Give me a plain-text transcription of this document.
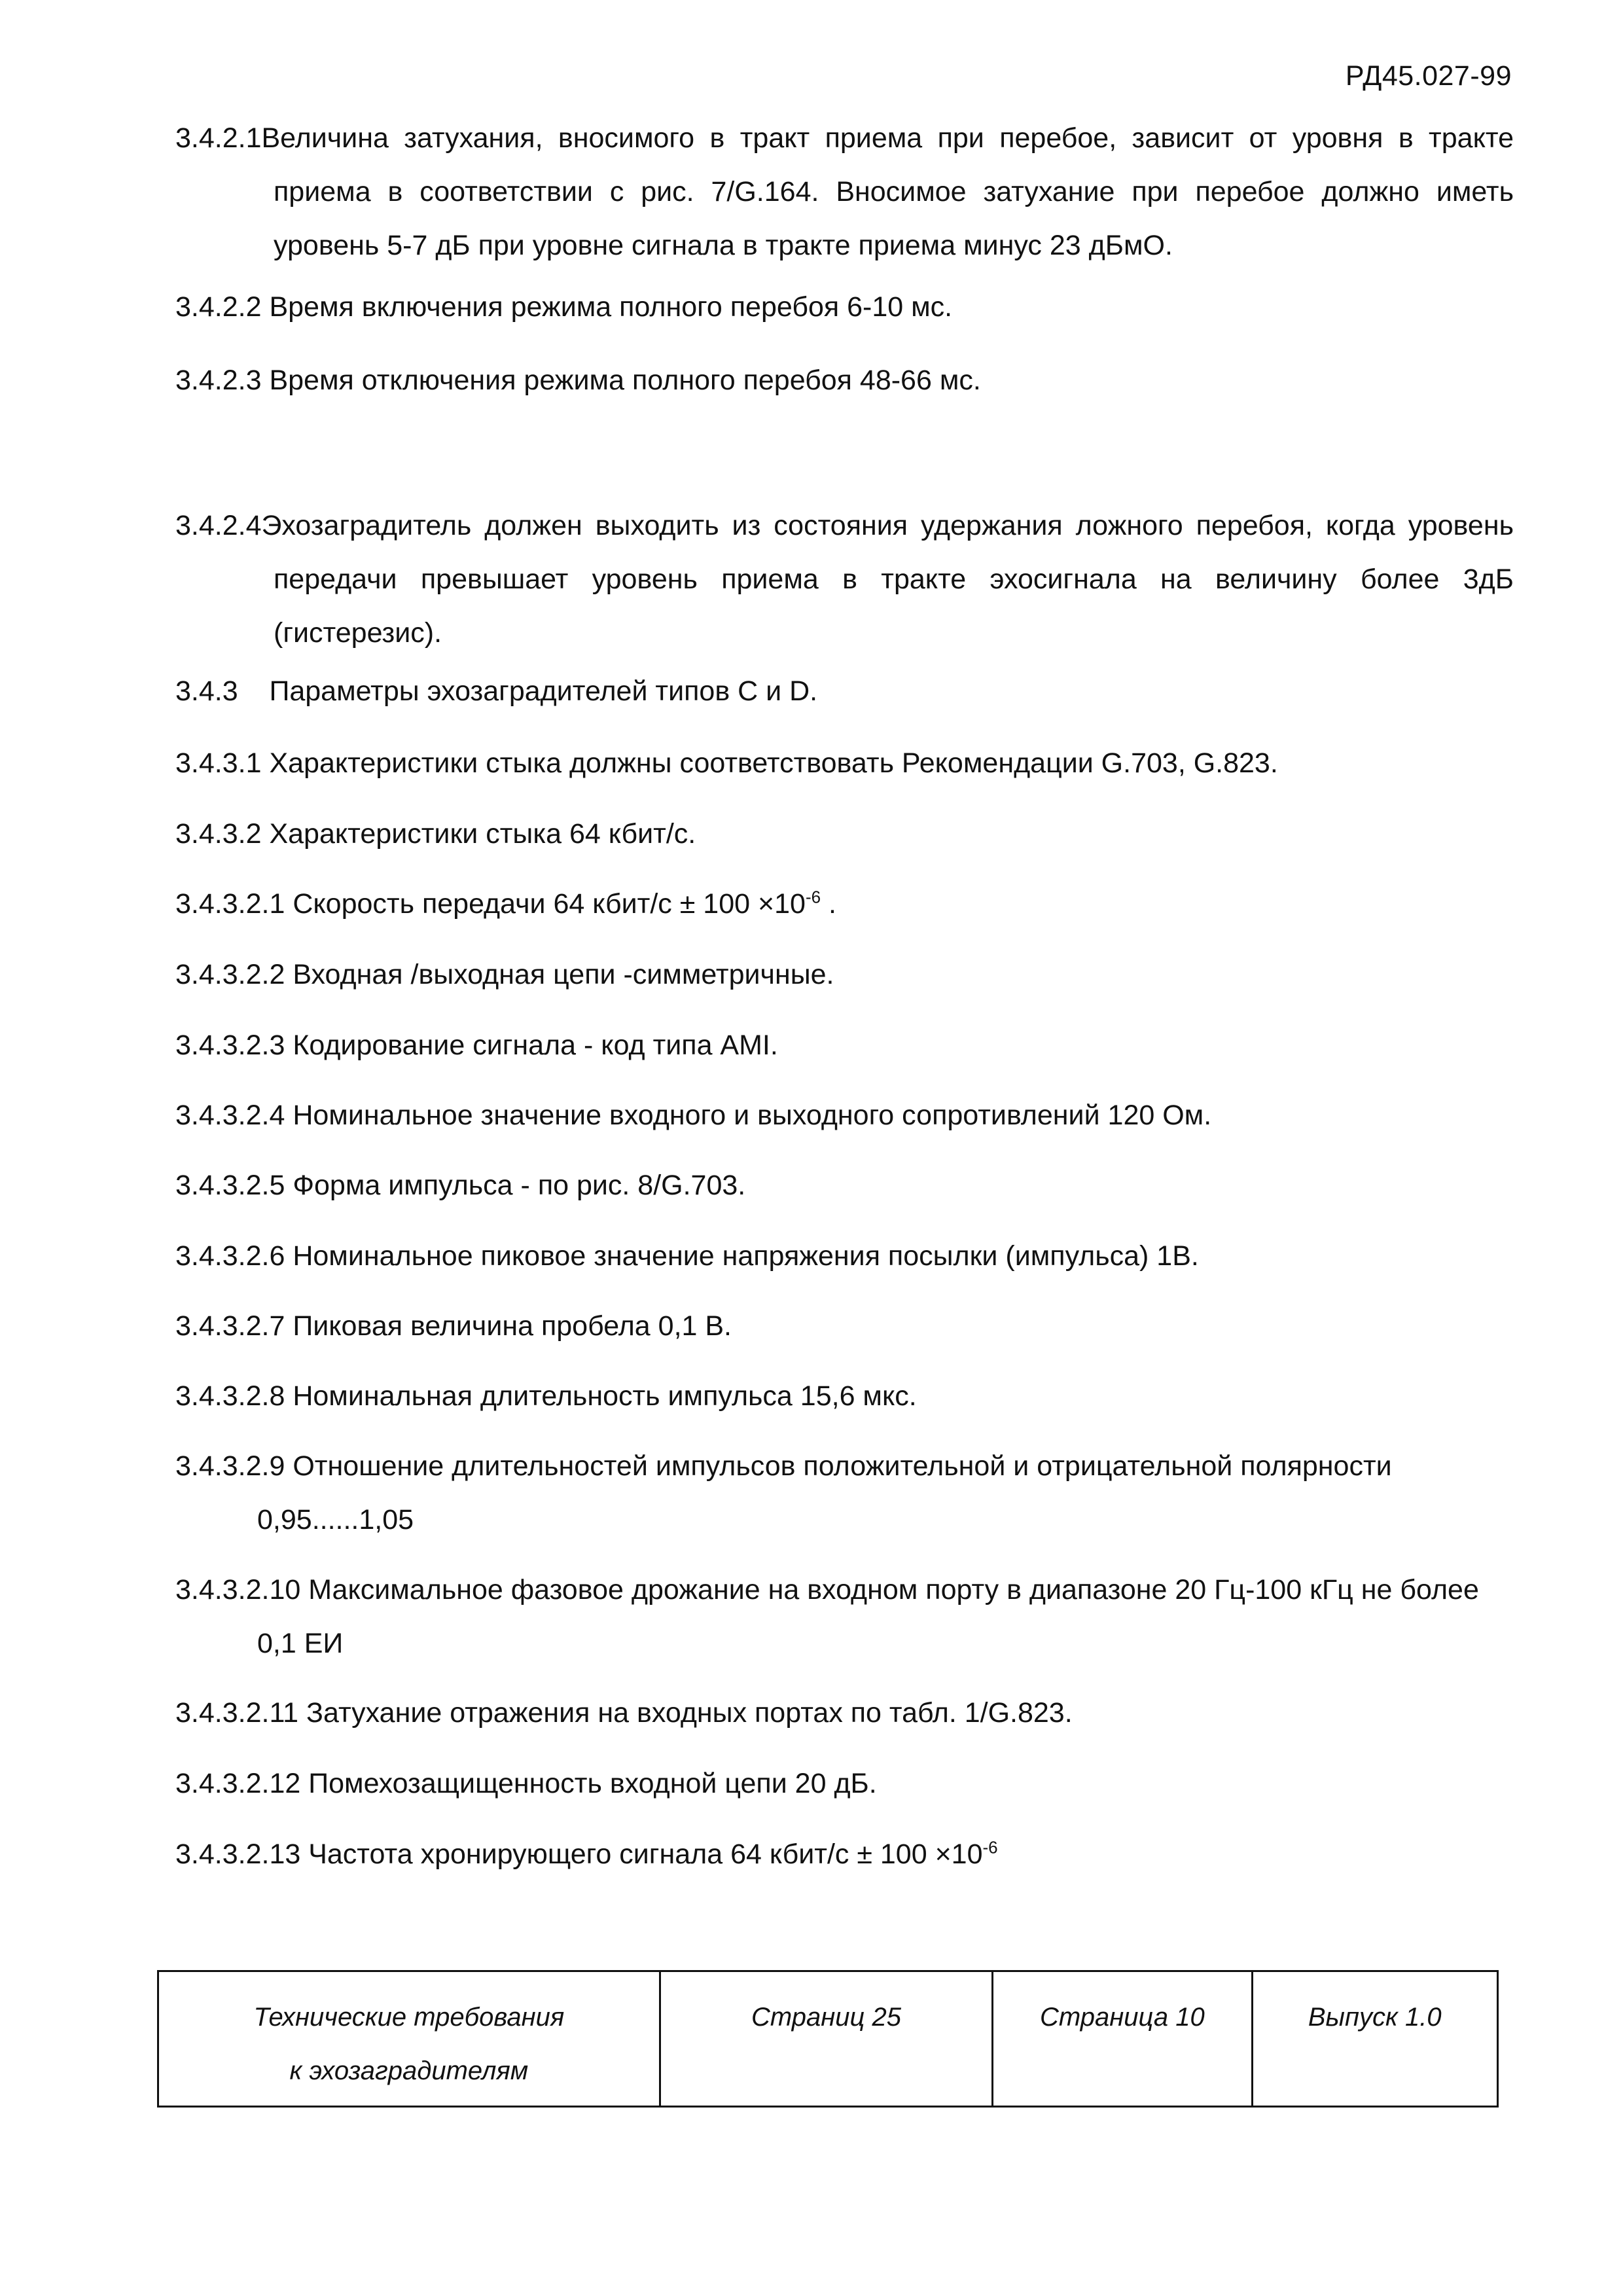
РД45.027-99
3.4.2.1Величина затухания, вносимого в тракт приема при перебое, зависит от уровня в тракте приема в соответствии с рис. 7/G.164. Вносимое затухание при перебое должно иметь уровень 5-7 дБ при уровне сигнала в тракте приема минус 23 дБмО.
3.4.2.2 Время включения режима полного перебоя 6-10 мс.
3.4.2.3 Время отключения режима полного перебоя 48-66 мс.
3.4.2.4Эхозаградитель должен выходить из состояния удержания ложного перебоя, когда уровень передачи превышает уровень приема в тракте эхосигнала на величину более 3дБ (гистерезис).
3.4.3 Параметры эхозаградителей типов С и D.
3.4.3.1 Характеристики стыка должны соответствовать Рекомендации G.703, G.823.
3.4.3.2 Характеристики стыка 64 кбит/с.
3.4.3.2.1 Скорость передачи 64 кбит/с ± $100 \times 10^{-6}$ .
3.4.3.2.2 Входная /выходная цепи -симметричные.
3.4.3.2.3 Кодирование сигнала - код типа AMI.
3.4.3.2.4 Номинальное значение входного и выходного сопротивлений 120 Ом.
3.4.3.2.5 Форма импульса - по рис. 8/G.703.
3.4.3.2.6 Номинальное пиковое значение напряжения посылки (импульса) 1В.
3.4.3.2.7 Пиковая величина пробела 0,1 В.
3.4.3.2.8 Номинальная длительность импульса 15,6 мкс.
3.4.3.2.9 Отношение длительностей импульсов положительной и отрицательной полярности 0,95......1,05
3.4.3.2.10 Максимальное фазовое дрожание на входном порту в диапазоне 20 Гц-100 кГц не более 0,1 ЕИ
3.4.3.2.11 Затухание отражения на входных портах по табл. 1/G.823.
3.4.3.2.12 Помехозащищенность входной цепи 20 дБ.
3.4.3.2.13 Частота хронирующего сигнала 64 кбит/с ± $100 \times 10^{-6}$
Технические требования
к эхозаградителям
	Страниц 25	Страница 10	Выпуск 1.0
